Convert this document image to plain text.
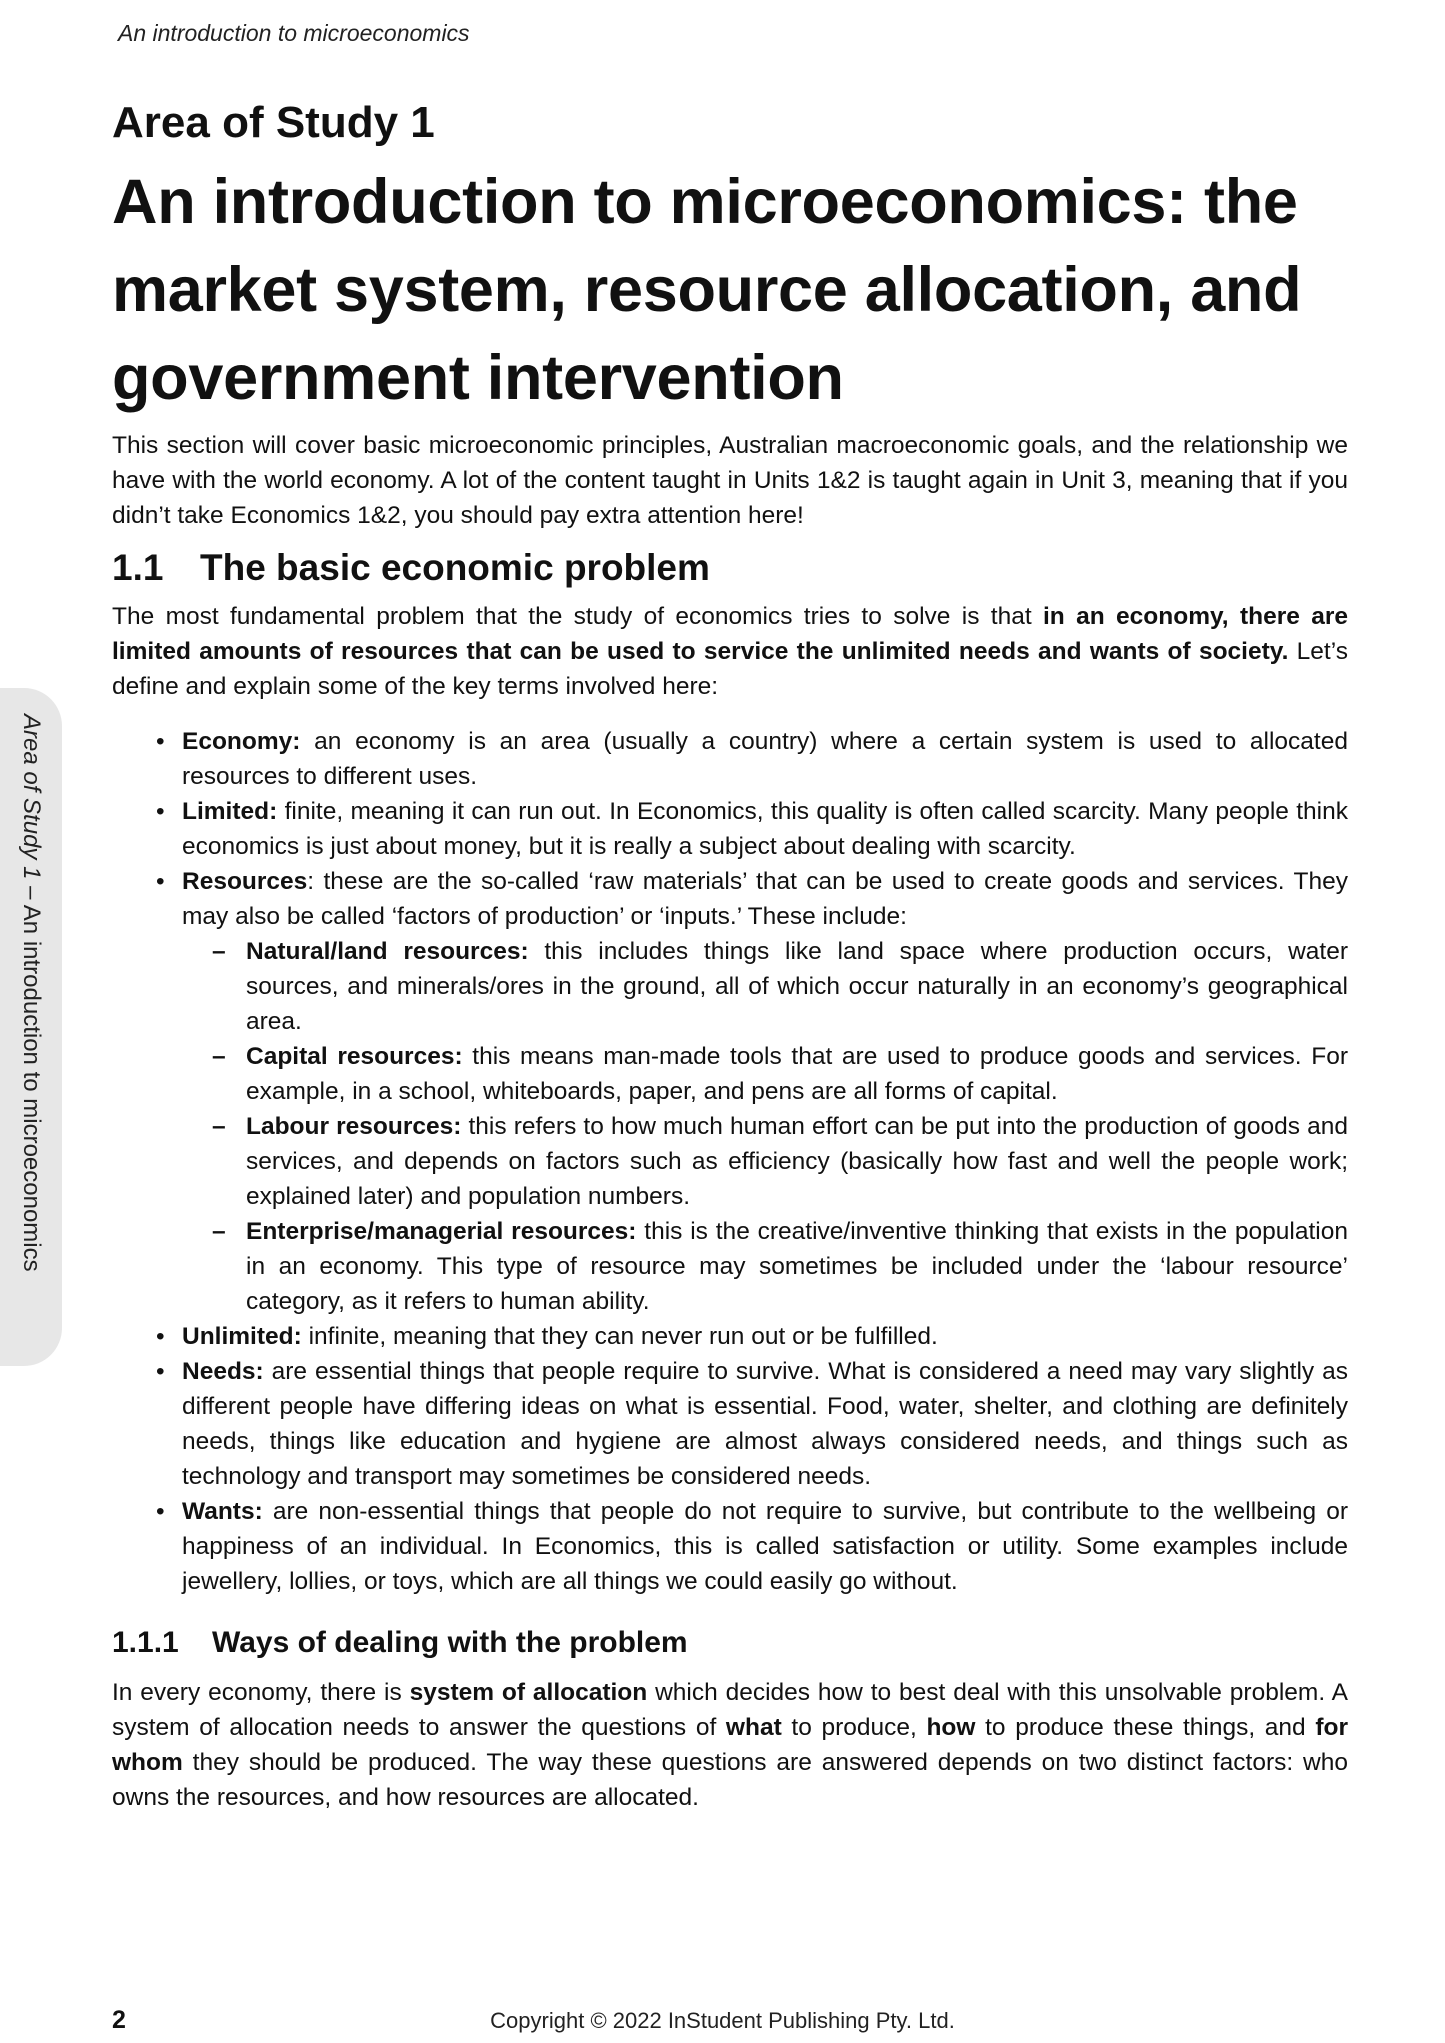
An introduction to microeconomics
Area of Study 1 – An introduction to microeconomics
Area of Study 1
An introduction to microeconomics: the market system, resource allocation, and government intervention

This section will cover basic microeconomic principles, Australian macroeconomic goals, and the relationship we have with the world economy. A lot of the content taught in Units 1&2 is taught again in Unit 3, meaning that if you didn’t take Economics 1&2, you should pay extra attention here!

1.1 The basic economic problem

The most fundamental problem that the study of economics tries to solve is that in an economy, there are limited amounts of resources that can be used to service the unlimited needs and wants of society. Let’s define and explain some of the key terms involved here:

• Economy: an economy is an area (usually a country) where a certain system is used to allocated resources to different uses.
• Limited: finite, meaning it can run out. In Economics, this quality is often called scarcity. Many people think economics is just about money, but it is really a subject about dealing with scarcity.
• Resources: these are the so-called ‘raw materials’ that can be used to create goods and services. They may also be called ‘factors of production’ or ‘inputs.’ These include:
– Natural/land resources: this includes things like land space where production occurs, water sources, and minerals/ores in the ground, all of which occur naturally in an economy’s geographical area.
– Capital resources: this means man-made tools that are used to produce goods and services. For example, in a school, whiteboards, paper, and pens are all forms of capital.
– Labour resources: this refers to how much human effort can be put into the production of goods and services, and depends on factors such as efficiency (basically how fast and well the people work; explained later) and population numbers.
– Enterprise/managerial resources: this is the creative/inventive thinking that exists in the population in an economy. This type of resource may sometimes be included under the ‘labour resource’ category, as it refers to human ability.
• Unlimited: infinite, meaning that they can never run out or be fulfilled.
• Needs: are essential things that people require to survive. What is considered a need may vary slightly as different people have differing ideas on what is essential. Food, water, shelter, and clothing are definitely needs, things like education and hygiene are almost always considered needs, and things such as technology and transport may sometimes be considered needs.
• Wants: are non-essential things that people do not require to survive, but contribute to the wellbeing or happiness of an individual. In Economics, this is called satisfaction or utility. Some examples include jewellery, lollies, or toys, which are all things we could easily go without.
1.1.1 Ways of dealing with the problem

In every economy, there is system of allocation which decides how to best deal with this unsolvable problem. A system of allocation needs to answer the questions of what to produce, how to produce these things, and for whom they should be produced. The way these questions are answered depends on two distinct factors: who owns the resources, and how resources are allocated.

2	Copyright © 2022 InStudent Publishing Pty. Ltd.
